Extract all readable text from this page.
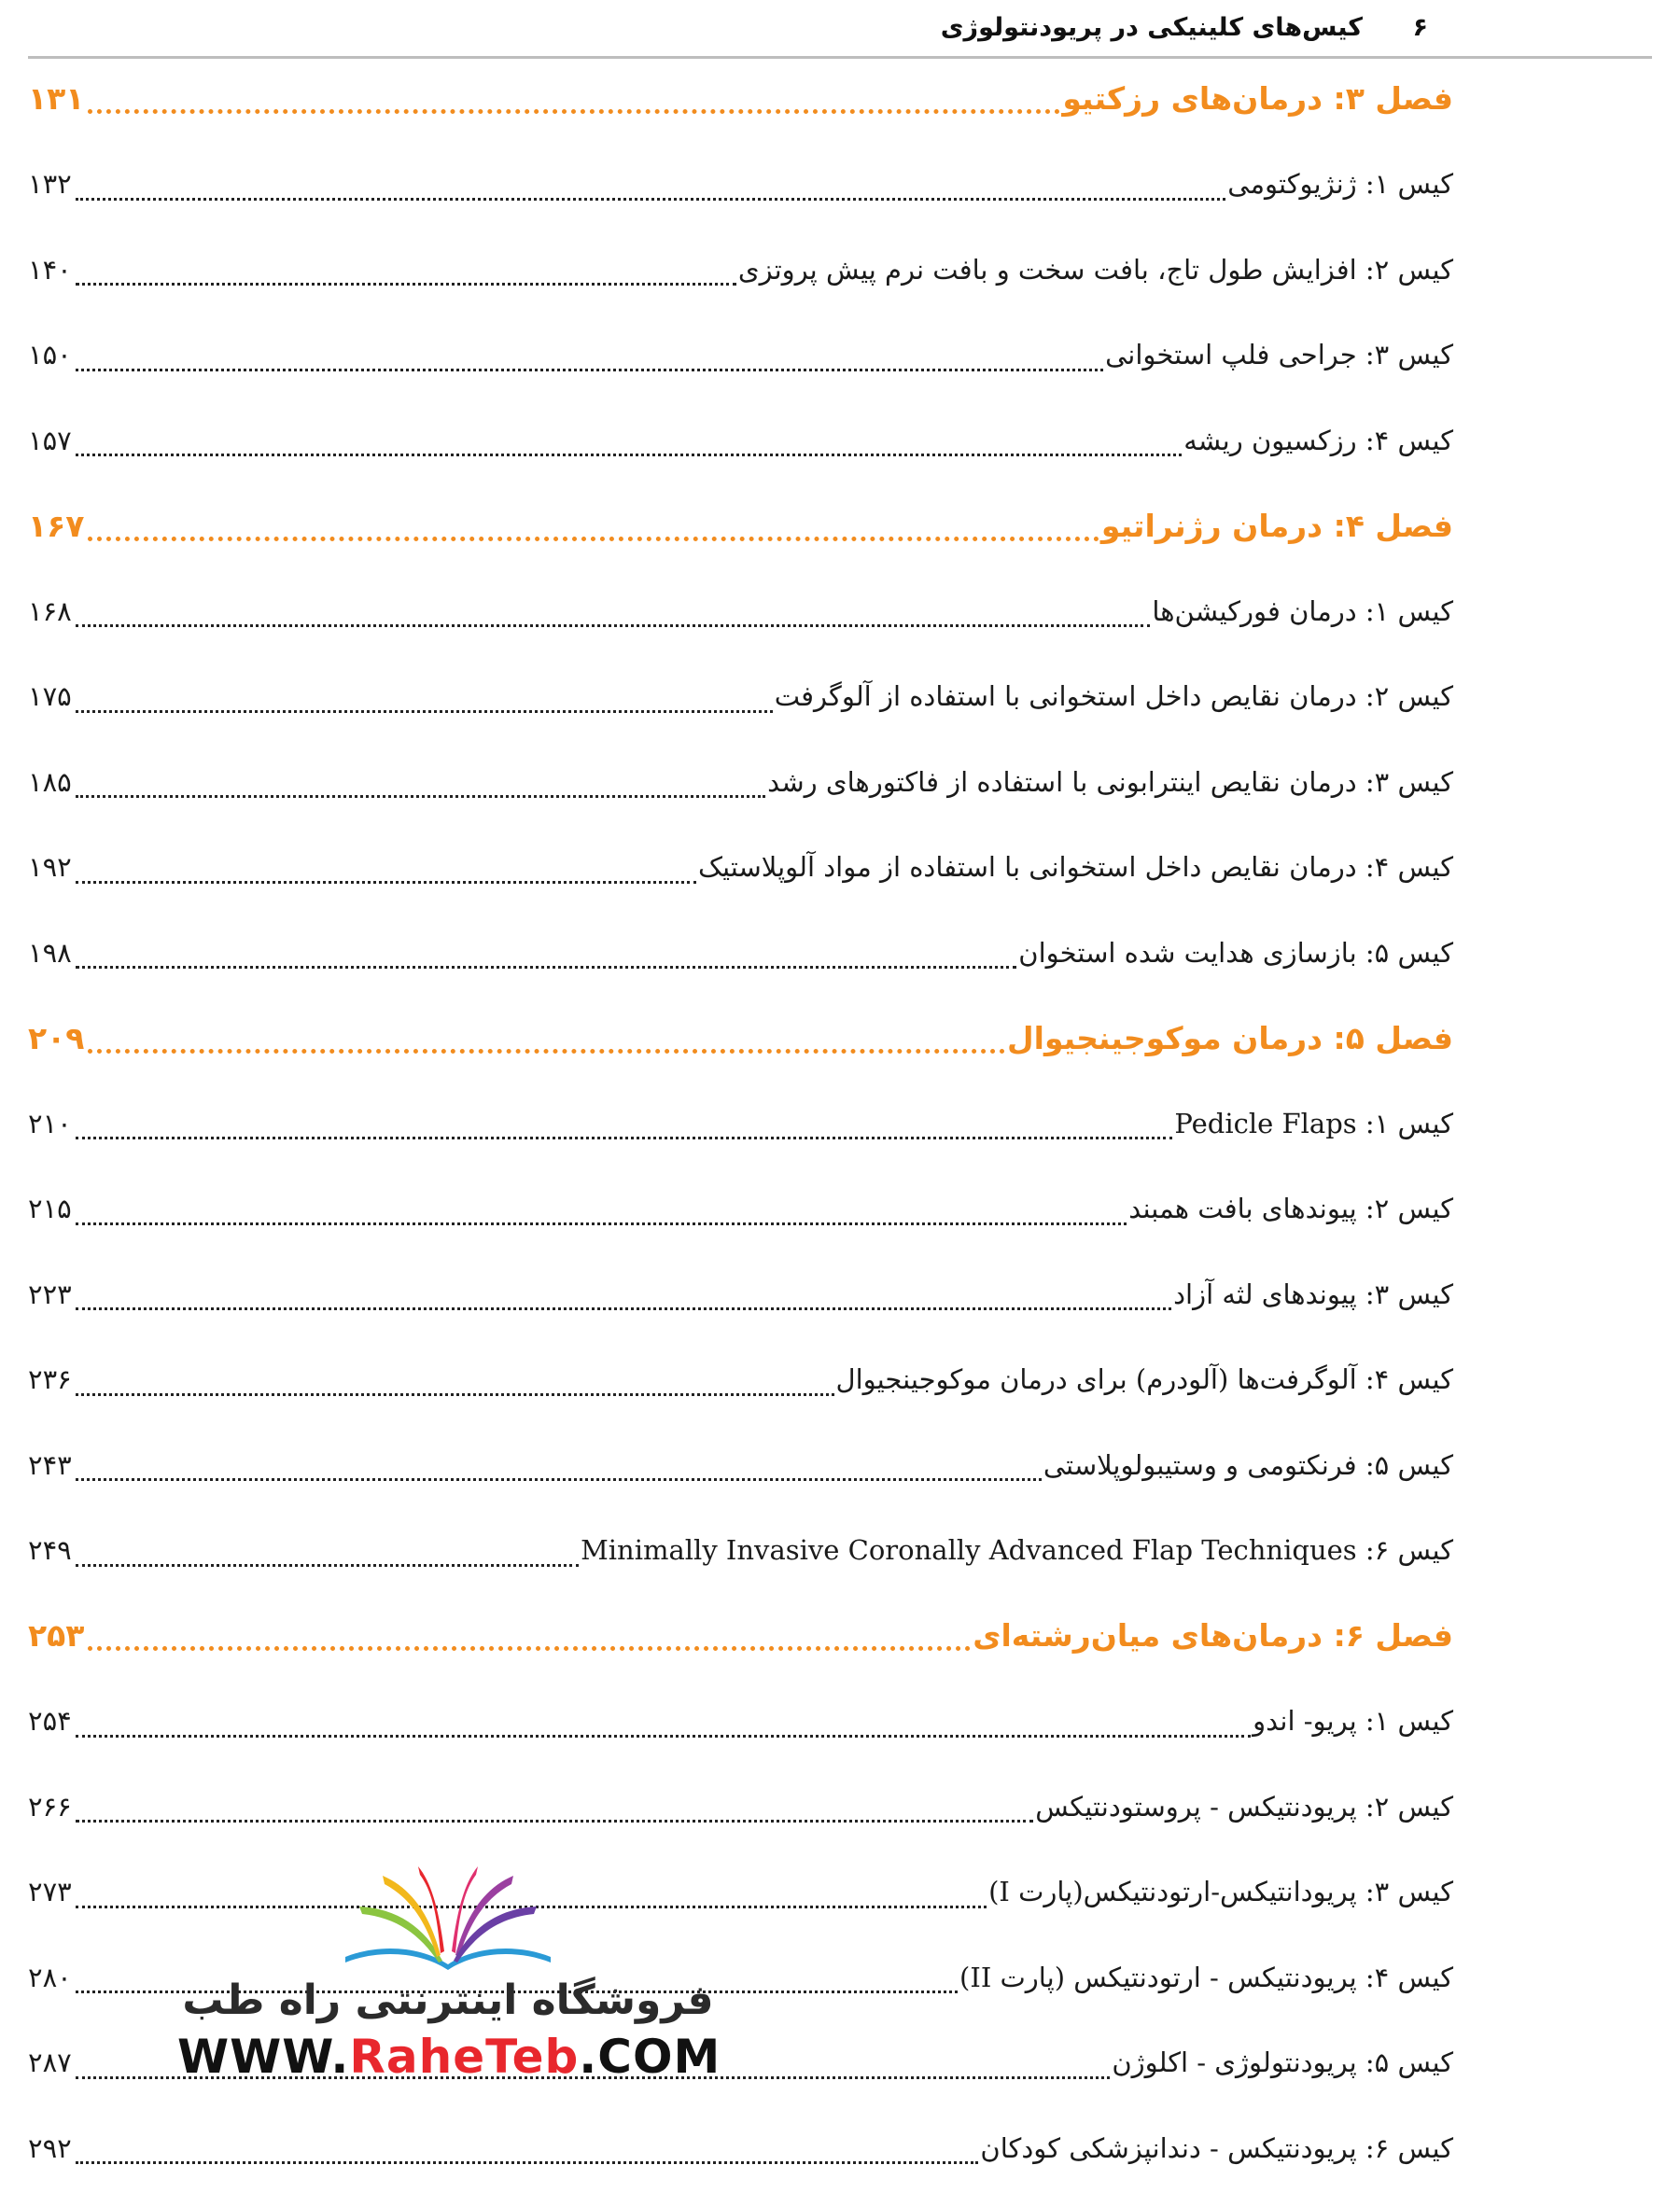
۶
کیس‌های کلینیکی در پریودنتولوژی
فصل ۳: درمان‌های رزکتیو
۱۳۱
کیس ۱: ژنژیوکتومی
۱۳۲
کیس ۲: افزایش طول تاج، بافت سخت و بافت نرم پیش پروتزی
۱۴۰
کیس ۳: جراحی فلپ استخوانی
۱۵۰
کیس ۴: رزکسیون ریشه
۱۵۷
فصل ۴: درمان رژنراتیو
۱۶۷
کیس ۱: درمان فورکیشن‌ها
۱۶۸
کیس ۲: درمان نقایص داخل استخوانی با استفاده از آلوگرفت
۱۷۵
کیس ۳: درمان نقایص اینترابونی با استفاده از فاکتورهای رشد
۱۸۵
کیس ۴: درمان نقایص داخل استخوانی با استفاده از مواد آلوپلاستیک
۱۹۲
کیس ۵: بازسازی هدایت شده استخوان
۱۹۸
فصل ۵: درمان موکوجینجیوال
۲۰۹
کیس ۱: Pedicle Flaps
۲۱۰
کیس ۲: پیوندهای بافت همبند
۲۱۵
کیس ۳: پیوندهای لثه آزاد
۲۲۳
کیس ۴: آلوگرفت‌ها (آلودرم) برای درمان موکوجینجیوال
۲۳۶
کیس ۵: فرنکتومی و وستیبولوپلاستی
۲۴۳
کیس ۶: Minimally Invasive Coronally Advanced Flap Techniques
۲۴۹
فصل ۶: درمان‌های میان‌رشته‌ای
۲۵۳
کیس ۱: پریو- اندو
۲۵۴
کیس ۲: پریودنتیکس - پروستودنتیکس
۲۶۶
کیس ۳: پریودانتیکس-ارتودنتیکس(پارت I)
۲۷۳
کیس ۴: پریودنتیکس - ارتودنتیکس (پارت II)
۲۸۰
کیس ۵: پریودنتولوژی - اکلوژن
۲۸۷
کیس ۶: پریودنتیکس - دندانپزشکی کودکان
۲۹۲
فروشگاه اینترنتی راه طب
WWW.RaheTeb.COM
